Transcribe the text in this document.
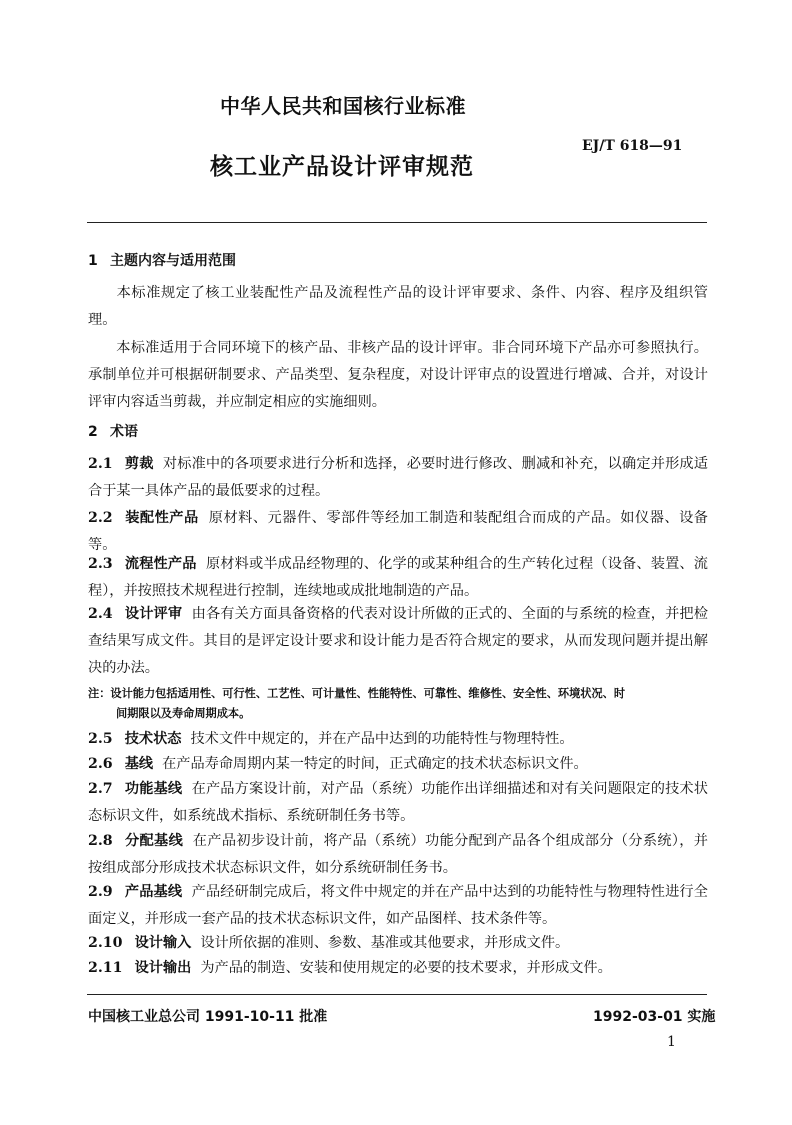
中华人民共和国核行业标准
核工业产品设计评审规范
EJ/T 618—91
1 主题内容与适用范围
本标准规定了核工业装配性产品及流程性产品的设计评审要求、条件、内容、程序及组织管理。
本标准适用于合同环境下的核产品、非核产品的设计评审。非合同环境下产品亦可参照执行。承制单位并可根据研制要求、产品类型、复杂程度，对设计评审点的设置进行增减、合并，对设计评审内容适当剪裁，并应制定相应的实施细则。
2 术语
2.1 剪裁 对标准中的各项要求进行分析和选择，必要时进行修改、删减和补充，以确定并形成适合于某一具体产品的最低要求的过程。
2.2 装配性产品 原材料、元器件、零部件等经加工制造和装配组合而成的产品。如仪器、设备等。
2.3 流程性产品 原材料或半成品经物理的、化学的或某种组合的生产转化过程（设备、装置、流程），并按照技术规程进行控制，连续地或成批地制造的产品。
2.4 设计评审 由各有关方面具备资格的代表对设计所做的正式的、全面的与系统的检查，并把检查结果写成文件。其目的是评定设计要求和设计能力是否符合规定的要求，从而发现问题并提出解决的办法。
注：设计能力包括适用性、可行性、工艺性、可计量性、性能特性、可靠性、维修性、安全性、环境状况、时
间期限以及寿命周期成本。
2.5 技术状态 技术文件中规定的，并在产品中达到的功能特性与物理特性。
2.6 基线 在产品寿命周期内某一特定的时间，正式确定的技术状态标识文件。
2.7 功能基线 在产品方案设计前，对产品（系统）功能作出详细描述和对有关问题限定的技术状态标识文件，如系统战术指标、系统研制任务书等。
2.8 分配基线 在产品初步设计前，将产品（系统）功能分配到产品各个组成部分（分系统），并按组成部分形成技术状态标识文件，如分系统研制任务书。
2.9 产品基线 产品经研制完成后，将文件中规定的并在产品中达到的功能特性与物理特性进行全面定义，并形成一套产品的技术状态标识文件，如产品图样、技术条件等。
2.10 设计输入 设计所依据的准则、参数、基准或其他要求，并形成文件。
2.11 设计输出 为产品的制造、安装和使用规定的必要的技术要求，并形成文件。
中国核工业总公司 1991-10-11 批准	1992-03-01 实施
1
